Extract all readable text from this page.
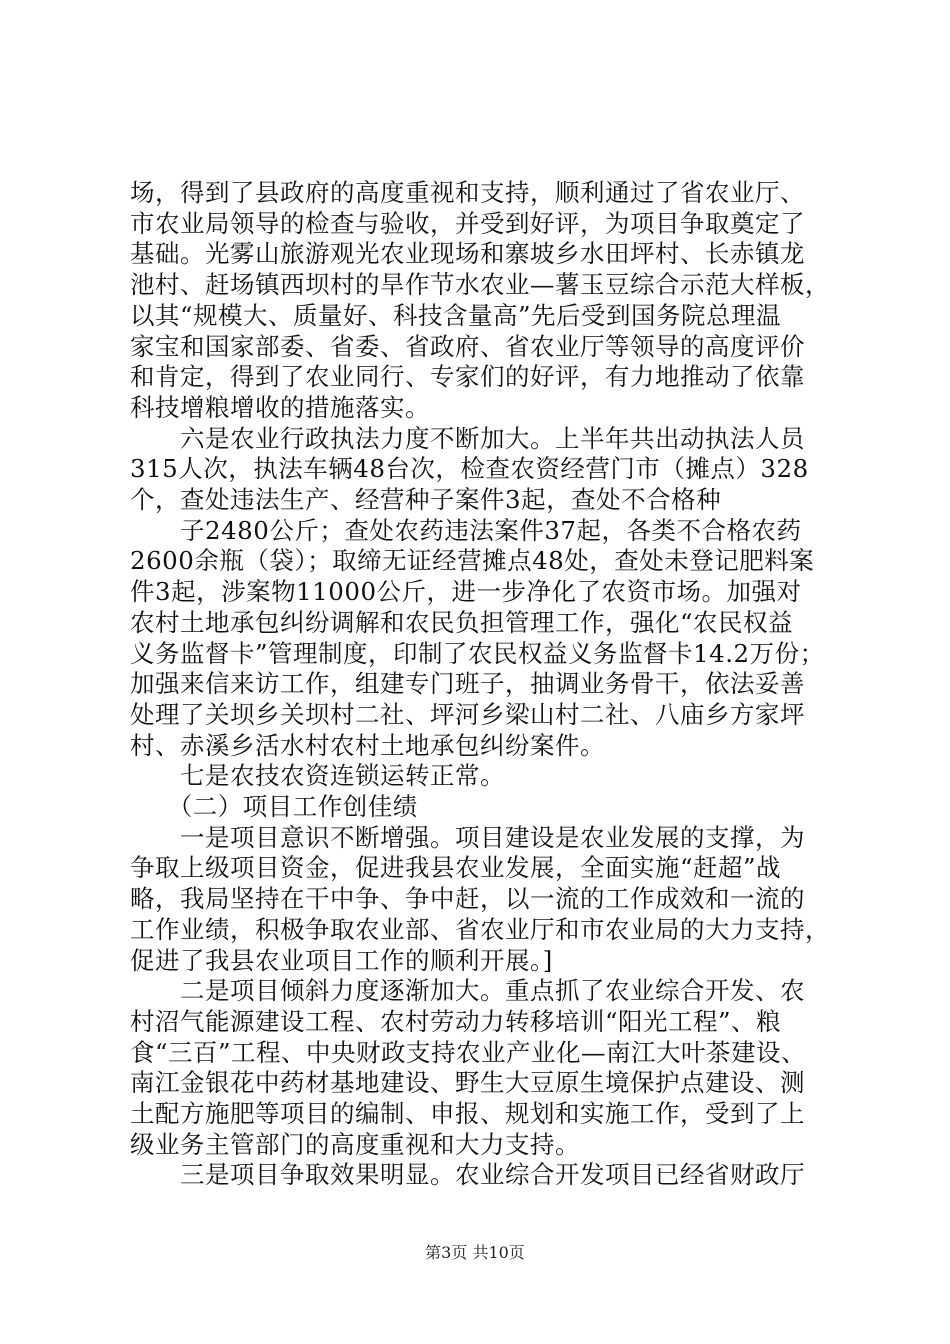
场，得到了县政府的高度重视和支持，顺利通过了省农业厅、
市农业局领导的检查与验收，并受到好评，为项目争取奠定了
基础。光雾山旅游观光农业现场和寨坡乡水田坪村、长赤镇龙
池村、赶场镇西坝村的旱作节水农业—薯玉豆综合示范大样板，
以其“规模大、质量好、科技含量高”先后受到国务院总理温
家宝和国家部委、省委、省政府、省农业厅等领导的高度评价
和肯定，得到了农业同行、专家们的好评，有力地推动了依靠
科技增粮增收的措施落实。
　　六是农业行政执法力度不断加大。上半年共出动执法人员
315人次，执法车辆48台次，检查农资经营门市（摊点）328
个，查处违法生产、经营种子案件3起，查处不合格种
　　子2480公斤；查处农药违法案件37起，各类不合格农药
2600余瓶（袋）；取缔无证经营摊点48处，查处未登记肥料案
件3起，涉案物11000公斤，进一步净化了农资市场。加强对
农村土地承包纠纷调解和农民负担管理工作，强化“农民权益
义务监督卡”管理制度，印制了农民权益义务监督卡14.2万份；
加强来信来访工作，组建专门班子，抽调业务骨干，依法妥善
处理了关坝乡关坝村二社、坪河乡梁山村二社、八庙乡方家坪
村、赤溪乡活水村农村土地承包纠纷案件。
　　七是农技农资连锁运转正常。
　　（二）项目工作创佳绩
　　一是项目意识不断增强。项目建设是农业发展的支撑，为
争取上级项目资金，促进我县农业发展，全面实施“赶超”战
略，我局坚持在干中争、争中赶，以一流的工作成效和一流的
工作业绩，积极争取农业部、省农业厅和市农业局的大力支持，
促进了我县农业项目工作的顺利开展。]
　　二是项目倾斜力度逐渐加大。重点抓了农业综合开发、农
村沼气能源建设工程、农村劳动力转移培训“阳光工程”、粮
食“三百”工程、中央财政支持农业产业化—南江大叶茶建设、
南江金银花中药材基地建设、野生大豆原生境保护点建设、测
土配方施肥等项目的编制、申报、规划和实施工作，受到了上
级业务主管部门的高度重视和大力支持。
　　三是项目争取效果明显。农业综合开发项目已经省财政厅
第3页 共10页
